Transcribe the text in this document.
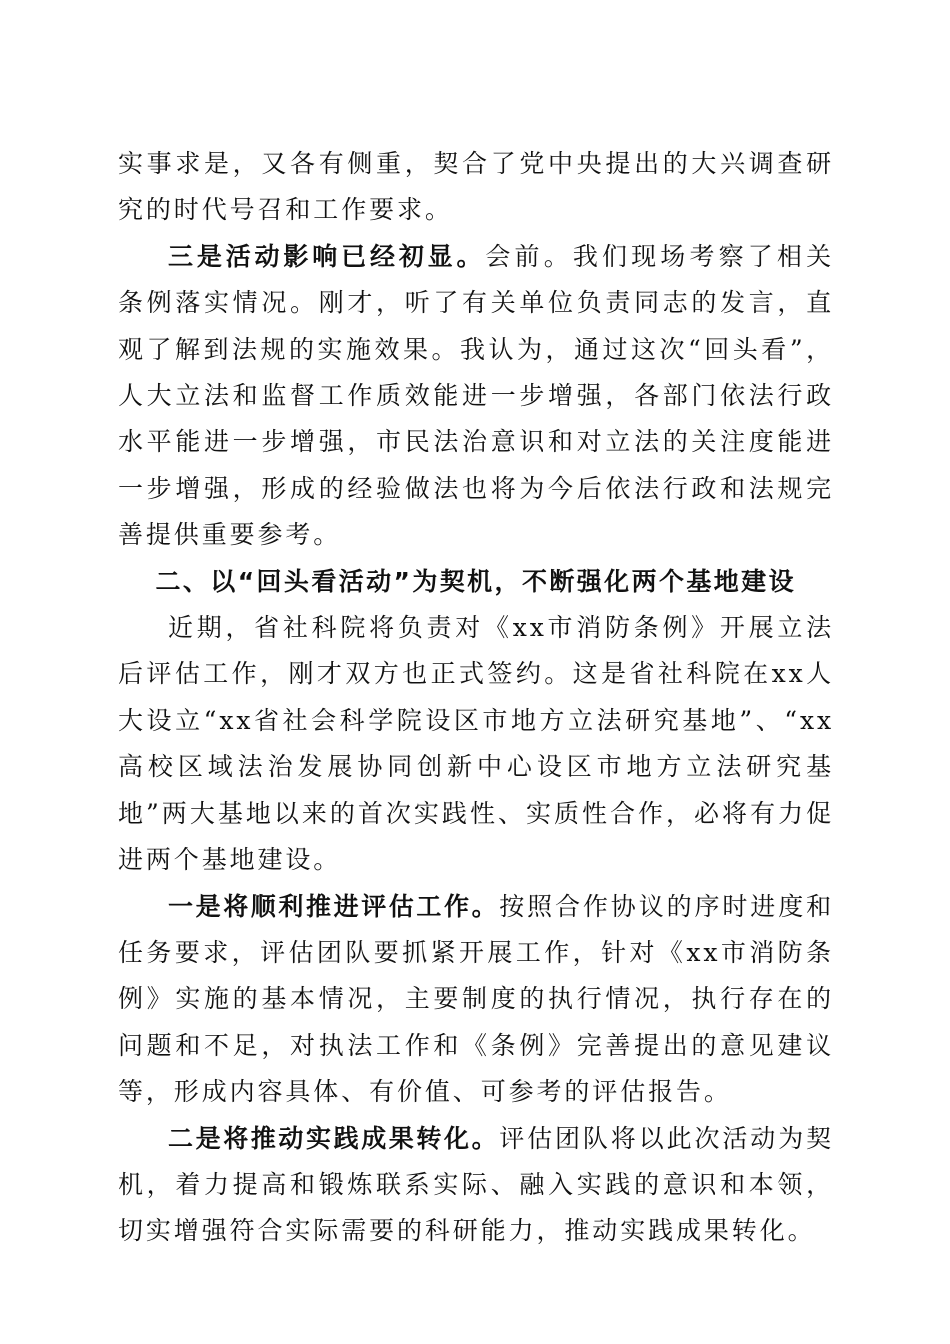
实事求是，又各有侧重，契合了党中央提出的大兴调查研究的时代号召和工作要求。

三是活动影响已经初显。会前。我们现场考察了相关条例落实情况。刚才，听了有关单位负责同志的发言，直观了解到法规的实施效果。我认为，通过这次“回头看”，人大立法和监督工作质效能进一步增强，各部门依法行政水平能进一步增强，市民法治意识和对立法的关注度能进一步增强，形成的经验做法也将为今后依法行政和法规完善提供重要参考。

二、以“回头看活动”为契机，不断强化两个基地建设

近期，省社科院将负责对《xx市消防条例》开展立法后评估工作，刚才双方也正式签约。这是省社科院在xx人大设立“xx省社会科学院设区市地方立法研究基地”、“xx高校区域法治发展协同创新中心设区市地方立法研究基地”两大基地以来的首次实践性、实质性合作，必将有力促进两个基地建设。

一是将顺利推进评估工作。按照合作协议的序时进度和任务要求，评估团队要抓紧开展工作，针对《xx市消防条例》实施的基本情况，主要制度的执行情况，执行存在的问题和不足，对执法工作和《条例》完善提出的意见建议等，形成内容具体、有价值、可参考的评估报告。

二是将推动实践成果转化。评估团队将以此次活动为契机，着力提高和锻炼联系实际、融入实践的意识和本领，切实增强符合实际需要的科研能力，推动实践成果转化。
